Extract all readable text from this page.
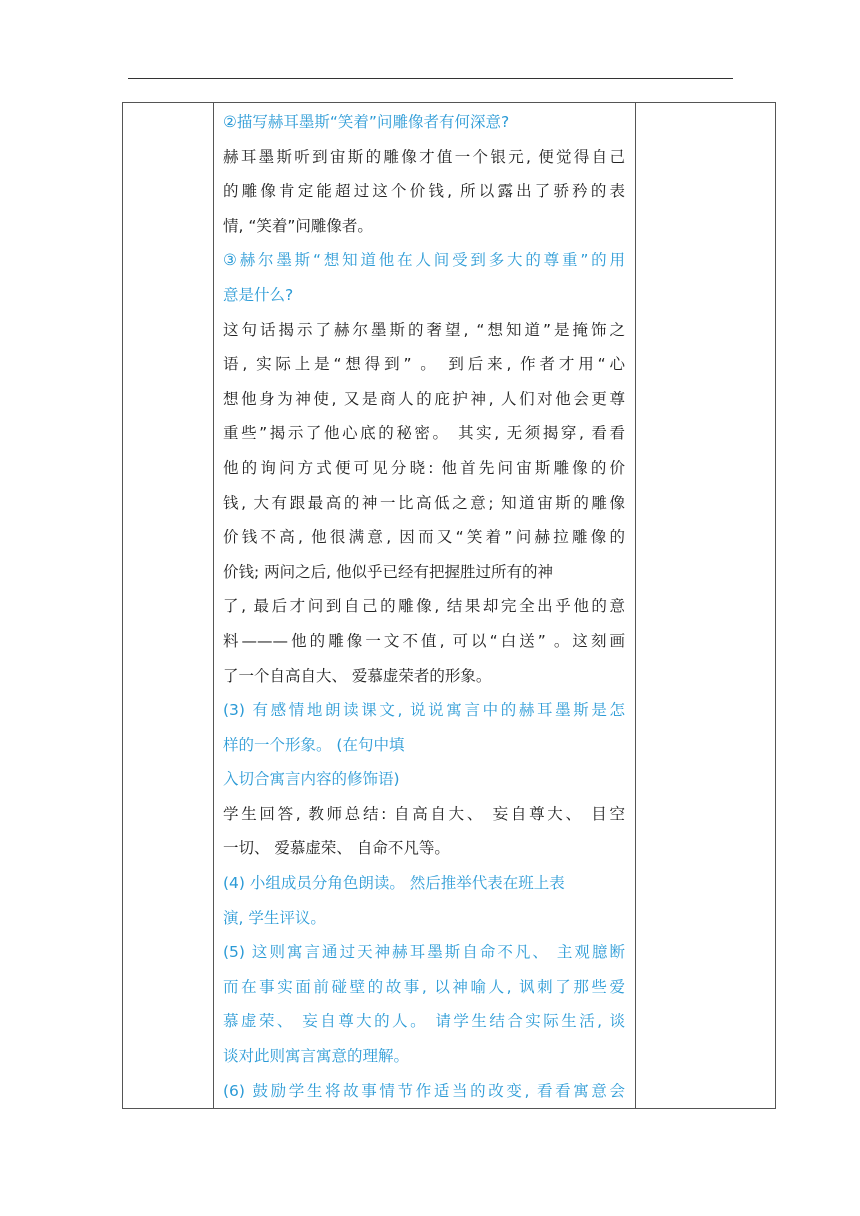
②描写赫耳墨斯“笑着”问雕像者有何深意?
赫耳墨斯听到宙斯的雕像才值一个银元, 便觉得自己
的雕像肯定能超过这个价钱, 所以露出了骄矜的表
情, “笑着”问雕像者。
③赫尔墨斯“想知道他在人间受到多大的尊重”的用
意是什么?
这句话揭示了赫尔墨斯的奢望, “想知道”是掩饰之
语, 实际上是“想得到” 。 到后来, 作者才用“心
想他身为神使, 又是商人的庇护神, 人们对他会更尊
重些”揭示了他心底的秘密。 其实, 无须揭穿, 看看
他的询问方式便可见分晓: 他首先问宙斯雕像的价
钱, 大有跟最高的神一比高低之意; 知道宙斯的雕像
价钱不高, 他很满意, 因而又“笑着”问赫拉雕像的
价钱; 两问之后, 他似乎已经有把握胜过所有的神
了, 最后才问到自己的雕像, 结果却完全出乎他的意
料———他的雕像一文不值, 可以“白送” 。这刻画
了一个自高自大、 爱慕虚荣者的形象。
(3) 有感情地朗读课文, 说说寓言中的赫耳墨斯是怎
样的一个形象。 (在句中填
入切合寓言内容的修饰语)
学生回答, 教师总结: 自高自大、 妄自尊大、 目空
一切、 爱慕虚荣、 自命不凡等。
(4) 小组成员分角色朗读。 然后推举代表在班上表
演, 学生评议。
(5) 这则寓言通过天神赫耳墨斯自命不凡、 主观臆断
而在事实面前碰壁的故事, 以神喻人, 讽刺了那些爱
慕虚荣、 妄自尊大的人。 请学生结合实际生活, 谈
谈对此则寓言寓意的理解。
(6) 鼓励学生将故事情节作适当的改变, 看看寓意会
